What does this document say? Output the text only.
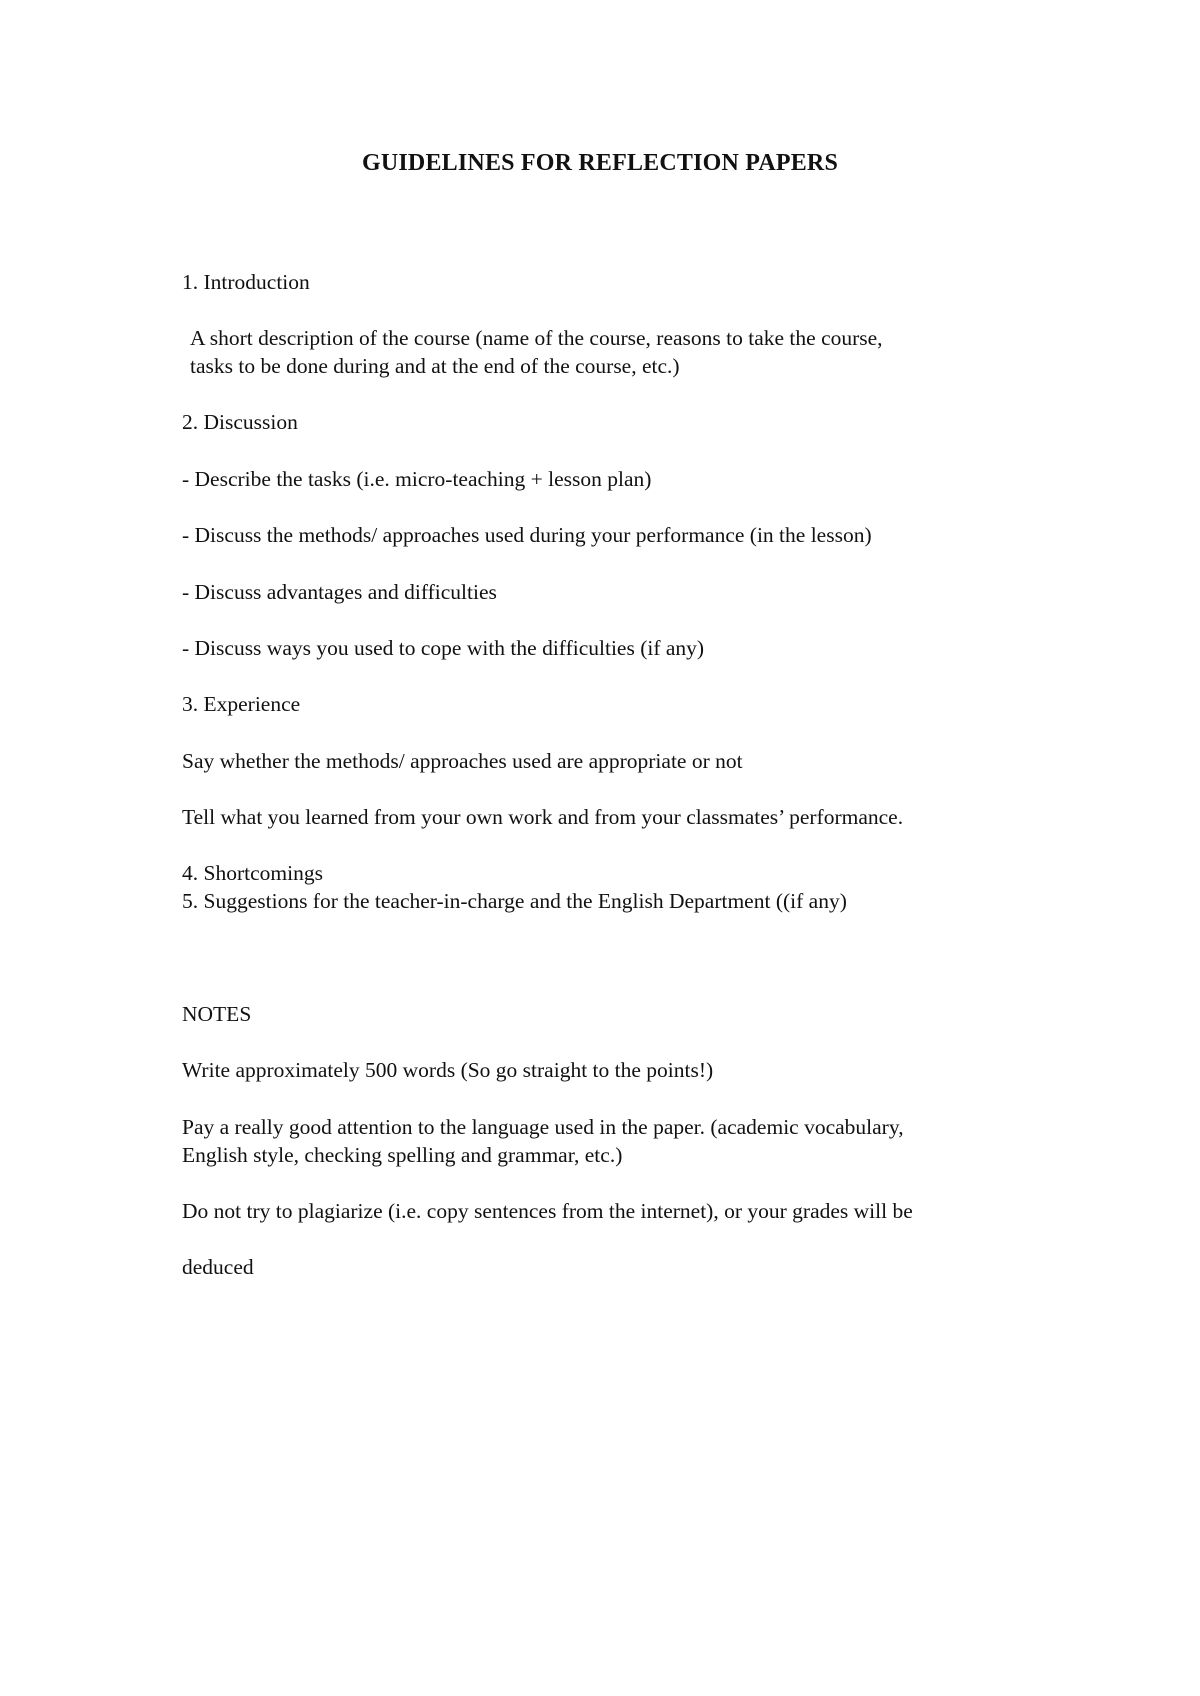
GUIDELINES FOR REFLECTION PAPERS
1. Introduction
A short description of the course (name of the course, reasons to take the course,
tasks to be done during and at the end of the course, etc.)
2. Discussion
- Describe the tasks (i.e. micro-teaching + lesson plan)
- Discuss the methods/ approaches used during your performance (in the lesson)
- Discuss advantages and difficulties
- Discuss ways you used to cope with the difficulties (if any)
3. Experience
Say whether the methods/ approaches used are appropriate or not
Tell what you learned from your own work and from your classmates’ performance.
4. Shortcomings
5. Suggestions for the teacher-in-charge and the English Department ((if any)
NOTES
Write approximately 500 words (So go straight to the points!)
Pay a really good attention to the language used in the paper. (academic vocabulary,
English style, checking spelling and grammar, etc.)
Do not try to plagiarize (i.e. copy sentences from the internet), or your grades will be
deduced
